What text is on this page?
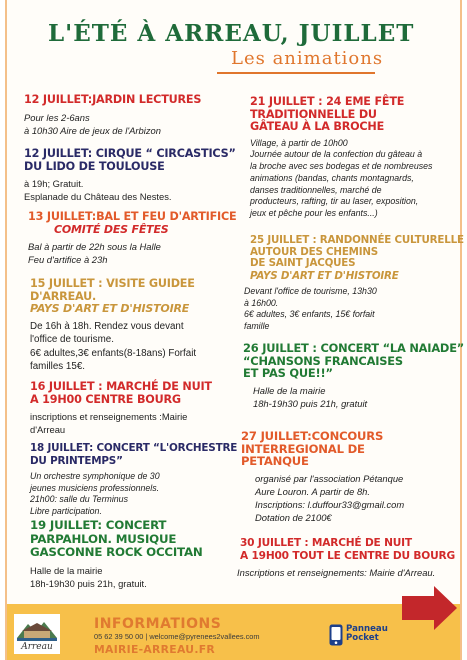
L'ÉTÉ À ARREAU, JUILLET
Les animations
12 JUILLET:JARDIN LECTURES
Pour les 2-6ans
à 10h30 Aire de jeux de l'Arbizon
12 JUILLET: CIRQUE “ CIRCASTICS”
DU LIDO DE TOULOUSE
à 19h; Gratuit.
Esplanade du Château des Nestes.
13 JUILLET:BAL ET FEU D'ARTIFICE
COMITÉ DES FÊTES
Bal à partir de 22h sous la Halle
Feu d'artifice à 23h
15 JUILLET : VISITE GUIDEE
D'ARREAU.
PAYS D'ART ET D'HISTOIRE
De 16h à 18h. Rendez vous devant
l'office de tourisme.
6€ adultes,3€ enfants(8-18ans) Forfait
familles 15€.
16 JUILLET : MARCHÉ DE NUIT
A 19H00 CENTRE BOURG
inscriptions et renseignements :Mairie
d'Arreau
18 JUILLET: CONCERT “L'ORCHESTRE
DU PRINTEMPS”
Un orchestre symphonique de 30
jeunes musiciens professionnels.
21h00: salle du Terminus
Libre participation.
19 JUILLET: CONCERT
PARPAHLON. MUSIQUE
GASCONNE ROCK OCCITAN
Halle de la mairie
18h-19h30 puis 21h, gratuit.
21 JUILLET : 24 EME FÊTE
TRADITIONNELLE DU
GÂTEAU À LA BROCHE
Village, à partir de 10h00
Journée autour de la confection du gâteau à
la broche avec ses bodegas et de nombreuses
animations (bandas, chants montagnards,
danses traditionnelles, marché de
producteurs, rafting, tir au laser, exposition,
jeux et pêche pour les enfants...)
25 JUILLET : RANDONNÉE CULTURELLE
AUTOUR DES CHEMINS
DE SAINT JACQUES
PAYS D'ART ET D'HISTOIRE
Devant l'office de tourisme, 13h30
à 16h00.
6€ adultes, 3€ enfants, 15€ forfait
famille
26 JUILLET : CONCERT “LA NAIADE”
“CHANSONS FRANCAISES
ET PAS QUE!!”
Halle de la mairie
18h-19h30 puis 21h, gratuit
27 JUILLET:CONCOURS
INTERREGIONAL DE
PETANQUE
organisé par l'association Pétanque
Aure Louron. A partir de 8h.
Inscriptions: l.duffour33@gmail.com
Dotation de 2100€
30 JUILLET : MARCHÉ DE NUIT
A 19H00 TOUT LE CENTRE DU BOURG
Inscriptions et renseignements: Mairie d'Arreau.
Arreau
INFORMATIONS
05 62 39 50 00 | welcome@pyrenees2vallees.com
MAIRIE-ARREAU.FR
Panneau
Pocket
